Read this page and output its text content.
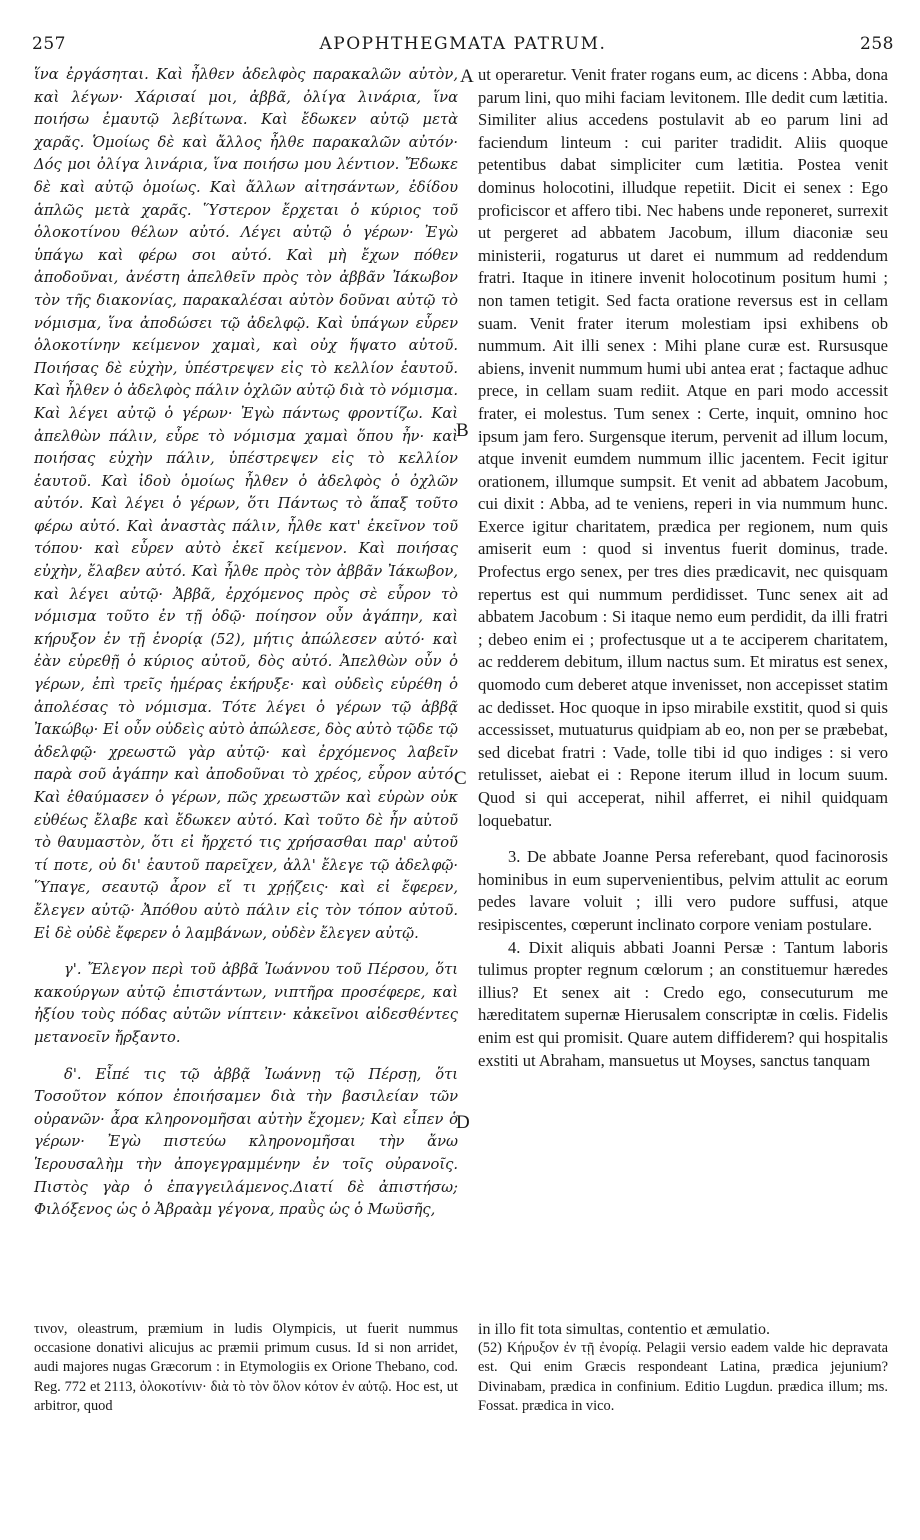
257	APOPHTHEGMATA PATRUM.	258

ἵνα ἐργάσηται. Καὶ ἦλθεν ἀδελφὸς παρακαλῶν αὐτὸν, καὶ λέγων· Χάρισαί μοι, ἀββᾶ, ὀλίγα λινάρια, ἵνα ποιήσω ἐμαυτῷ λεβίτωνα. Καὶ ἔδωκεν αὐτῷ μετὰ χαρᾶς. Ὁμοίως δὲ καὶ ἄλλος ἦλθε παρακαλῶν αὐτόν· Δός μοι ὀλίγα λινάρια, ἵνα ποιήσω μου λέντιον. Ἔδωκε δὲ καὶ αὐτῷ ὁμοίως. Καὶ ἄλλων αἰτησάντων, ἐδίδου ἁπλῶς μετὰ χαρᾶς. Ὕστερον ἔρχεται ὁ κύριος τοῦ ὁλοκοτίνου θέλων αὐτό. Λέγει αὐτῷ ὁ γέρων· Ἐγὼ ὑπάγω καὶ φέρω σοι αὐτό. Καὶ μὴ ἔχων πόθεν ἀποδοῦναι, ἀνέστη ἀπελθεῖν πρὸς τὸν ἀββᾶν Ἰάκωβον τὸν τῆς διακονίας, παρακαλέσαι αὐτὸν δοῦναι αὐτῷ τὸ νόμισμα, ἵνα ἀποδώσει τῷ ἀδελφῷ. Καὶ ὑπάγων εὗρεν ὁλοκοτίνην κείμενον χαμαὶ, καὶ οὐχ ἥψατο αὐτοῦ. Ποιήσας δὲ εὐχὴν, ὑπέστρεψεν εἰς τὸ κελλίον ἑαυτοῦ. Καὶ ἦλθεν ὁ ἀδελφὸς πάλιν ὀχλῶν αὐτῷ διὰ τὸ νόμισμα. Καὶ λέγει αὐτῷ ὁ γέρων· Ἐγὼ πάντως φροντίζω. Καὶ ἀπελθὼν πάλιν, εὗρε τὸ νόμισμα χαμαὶ ὅπου ἦν· καὶ ποιήσας εὐχὴν πάλιν, ὑπέστρεψεν εἰς τὸ κελλίον ἑαυτοῦ. Καὶ ἰδοὺ ὁμοίως ἦλθεν ὁ ἀδελφὸς ὁ ὀχλῶν αὐτόν. Καὶ λέγει ὁ γέρων, ὅτι Πάντως τὸ ἅπαξ τοῦτο φέρω αὐτό. Καὶ ἀναστὰς πάλιν, ἦλθε κατ' ἐκεῖνον τοῦ τόπου· καὶ εὗρεν αὐτὸ ἐκεῖ κείμενον. Καὶ ποιήσας εὐχὴν, ἔλαβεν αὐτό. Καὶ ἦλθε πρὸς τὸν ἀββᾶν Ἰάκωβον, καὶ λέγει αὐτῷ· Ἀββᾶ, ἐρχόμενος πρὸς σὲ εὗρον τὸ νόμισμα τοῦτο ἐν τῇ ὁδῷ· ποίησον οὖν ἀγάπην, καὶ κήρυξον ἐν τῇ ἐνορίᾳ (52), μήτις ἀπώλεσεν αὐτό· καὶ ἐὰν εὑρεθῇ ὁ κύριος αὐτοῦ, δὸς αὐτό. Ἀπελθὼν οὖν ὁ γέρων, ἐπὶ τρεῖς ἡμέρας ἐκήρυξε· καὶ οὐδεὶς εὑρέθη ὁ ἀπολέσας τὸ νόμισμα. Τότε λέγει ὁ γέρων τῷ ἀββᾷ Ἰακώβῳ· Εἰ οὖν οὐδεὶς αὐτὸ ἀπώλεσε, δὸς αὐτὸ τῷδε τῷ ἀδελφῷ· χρεωστῶ γὰρ αὐτῷ· καὶ ἐρχόμενος λαβεῖν παρὰ σοῦ ἀγάπην καὶ ἀποδοῦναι τὸ χρέος, εὗρον αὐτό. Καὶ ἐθαύμασεν ὁ γέρων, πῶς χρεωστῶν καὶ εὑρὼν οὐκ εὐθέως ἔλαβε καὶ ἔδωκεν αὐτό. Καὶ τοῦτο δὲ ἦν αὐτοῦ τὸ θαυμαστὸν, ὅτι εἰ ἤρχετό τις χρήσασθαι παρ' αὐτοῦ τί ποτε, οὐ δι' ἑαυτοῦ παρεῖχεν, ἀλλ' ἔλεγε τῷ ἀδελφῷ· Ὕπαγε, σεαυτῷ ἆρον εἴ τι χρῄζεις· καὶ εἰ ἔφερεν, ἔλεγεν αὐτῷ· Ἀπόθου αὐτὸ πάλιν εἰς τὸν τόπον αὐτοῦ. Εἰ δὲ οὐδὲ ἔφερεν ὁ λαμβάνων, οὐδὲν ἔλεγεν αὐτῷ.

γ'. Ἔλεγον περὶ τοῦ ἀββᾶ Ἰωάννου τοῦ Πέρσου, ὅτι κακούργων αὐτῷ ἐπιστάντων, νιπτῆρα προσέφερε, καὶ ἠξίου τοὺς πόδας αὐτῶν νίπτειν· κἀκεῖνοι αἰδεσθέντες μετανοεῖν ἤρξαντο.

δ'. Εἶπέ τις τῷ ἀββᾷ Ἰωάννῃ τῷ Πέρσῃ, ὅτι Τοσοῦτον κόπον ἐποιήσαμεν διὰ τὴν βασιλείαν τῶν οὐρανῶν· ἆρα κληρονομῆσαι αὐτὴν ἔχομεν; Καὶ εἶπεν ὁ γέρων· Ἐγὼ πιστεύω κληρονομῆσαι τὴν ἄνω Ἱερουσαλὴμ τὴν ἀπογεγραμμένην ἐν τοῖς οὐρανοῖς. Πιστὸς γὰρ ὁ ἐπαγγειλάμενος.Διατί δὲ ἀπιστήσω; Φιλόξενος ὡς ὁ Ἀβραὰμ γέγονα, πραῢς ὡς ὁ Μωϋσῆς,

A
B
C
D

ut operaretur. Venit frater rogans eum, ac dicens : Abba, dona parum lini, quo mihi faciam levitonem. Ille dedit cum lætitia. Similiter alius accedens postulavit ab eo parum lini ad faciendum linteum : cui pariter tradidit. Aliis quoque petentibus dabat simpliciter cum lætitia. Postea venit dominus holocotini, illudque repetiit. Dicit ei senex : Ego proficiscor et affero tibi. Nec habens unde reponeret, surrexit ut pergeret ad abbatem Jacobum, illum diaconiæ seu ministerii, rogaturus ut daret ei nummum ad reddendum fratri. Itaque in itinere invenit holocotinum positum humi ; non tamen tetigit. Sed facta oratione reversus est in cellam suam. Venit frater iterum molestiam ipsi exhibens ob nummum. Ait illi senex : Mihi plane curæ est. Rursusque abiens, invenit nummum humi ubi antea erat ; factaque adhuc prece, in cellam suam rediit. Atque en pari modo accessit frater, ei molestus. Tum senex : Certe, inquit, omnino hoc ipsum jam fero. Surgensque iterum, pervenit ad illum locum, atque invenit eumdem nummum illic jacentem. Fecit igitur orationem, illumque sumpsit. Et venit ad abbatem Jacobum, cui dixit : Abba, ad te veniens, reperi in via nummum hunc. Exerce igitur charitatem, prædica per regionem, num quis amiserit eum : quod si inventus fuerit dominus, trade. Profectus ergo senex, per tres dies prædicavit, nec quisquam repertus est qui nummum perdidisset. Tunc senex ait ad abbatem Jacobum : Si itaque nemo eum perdidit, da illi fratri ; debeo enim ei ; profectusque ut a te acciperem charitatem, ac redderem debitum, illum nactus sum. Et miratus est senex, quomodo cum deberet atque invenisset, non accepisset statim ac dedisset. Hoc quoque in ipso mirabile exstitit, quod si quis accessisset, mutuaturus quidpiam ab eo, non per se præbebat, sed dicebat fratri : Vade, tolle tibi id quo indiges : si vero retulisset, aiebat ei : Repone iterum illud in locum suum. Quod si qui acceperat, nihil afferret, ei nihil quidquam loquebatur.

3. De abbate Joanne Persa referebant, quod facinorosis hominibus in eum supervenientibus, pelvim attulit ac eorum pedes lavare voluit ; illi vero pudore suffusi, atque resipiscentes, cœperunt inclinato corpore veniam postulare.

4. Dixit aliquis abbati Joanni Persæ : Tantum laboris tulimus propter regnum cœlorum ; an constituemur hæredes illius? Et senex ait : Credo ego, consecuturum me hæreditatem supernæ Hierusalem conscriptæ in cœlis. Fidelis enim est qui promisit. Quare autem diffiderem? qui hospitalis exstiti ut Abraham, mansuetus ut Moyses, sanctus tanquam

τινον, oleastrum, præmium in ludis Olympicis, ut fuerit nummus occasione donativi alicujus ac præmii primum cusus. Id si non arridet, audi majores nugas Græcorum : in Etymologiis ex Orione Thebano, cod. Reg. 772 et 2113, ὁλοκοτίνιν· διὰ τὸ τὸν ὅλον κότον ἐν αὐτῷ. Hoc est, ut arbitror, quod

in illo fit tota simultas, contentio et æmulatio.

(52) Κήρυξον ἐν τῇ ἐνορίᾳ. Pelagii versio eadem valde hic depravata est. Qui enim Græcis respondeant Latina, prædica jejunium? Divinabam, prædica in confinium. Editio Lugdun. prædica illum; ms. Fossat. prædica in vico.
